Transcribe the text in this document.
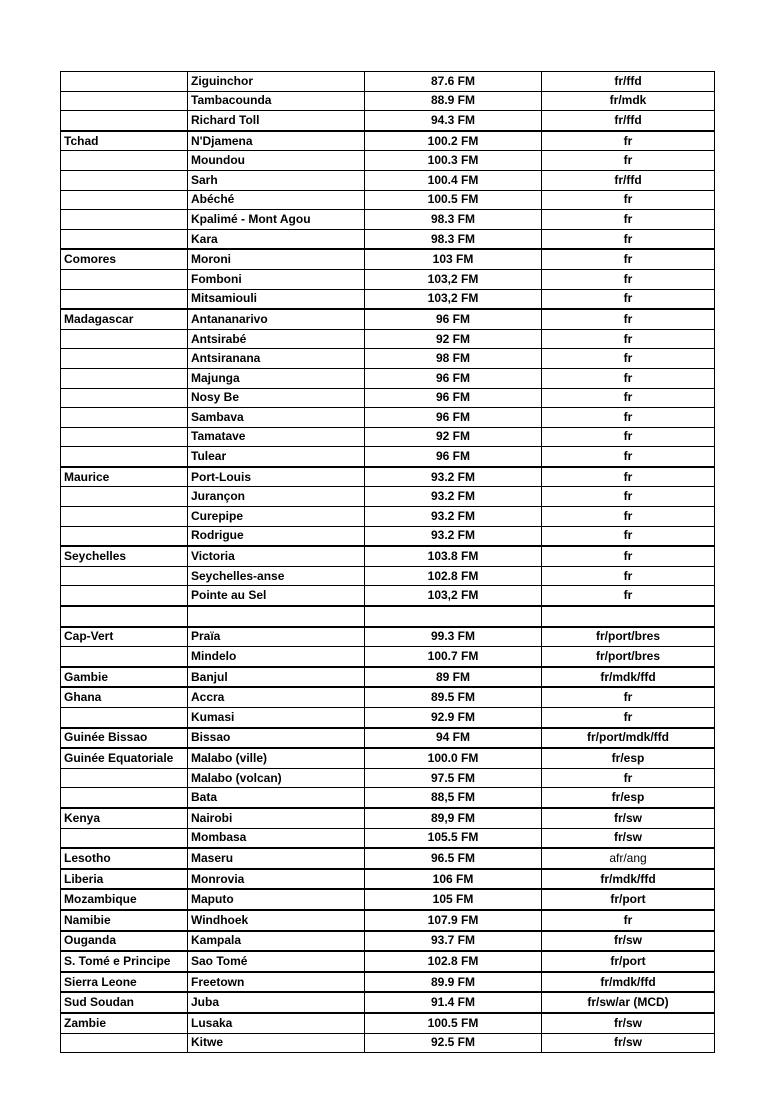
	Ziguinchor	87.6 FM	fr/ffd
	Tambacounda	88.9 FM	fr/mdk
	Richard Toll	94.3 FM	fr/ffd
Tchad	N'Djamena	100.2 FM	fr
	Moundou	100.3 FM	fr
	Sarh	100.4 FM	fr/ffd
	Abéché	100.5 FM	fr
	Kpalimé - Mont Agou	98.3 FM	fr
	Kara	98.3 FM	fr
Comores	Moroni	103 FM	fr
	Fomboni	103,2 FM	fr
	Mitsamiouli	103,2 FM	fr
Madagascar	Antananarivo	96 FM	fr
	Antsirabé	92 FM	fr
	Antsiranana	98 FM	fr
	Majunga	96 FM	fr
	Nosy Be	96 FM	fr
	Sambava	96 FM	fr
	Tamatave	92 FM	fr
	Tulear	96 FM	fr
Maurice	Port-Louis	93.2 FM	fr
	Jurançon	93.2 FM	fr
	Curepipe	93.2 FM	fr
	Rodrigue	93.2 FM	fr
Seychelles	Victoria	103.8 FM	fr
	Seychelles-anse	102.8 FM	fr
	Pointe au Sel	103,2 FM	fr

Cap-Vert	Praïa	99.3 FM	fr/port/bres
	Mindelo	100.7 FM	fr/port/bres
Gambie	Banjul	89 FM	fr/mdk/ffd
Ghana	Accra	89.5 FM	fr
	Kumasi	92.9 FM	fr
Guinée Bissao	Bissao	94 FM	fr/port/mdk/ffd
Guinée Equatoriale	Malabo (ville)	100.0 FM	fr/esp
	Malabo (volcan)	97.5 FM	fr
	Bata	88,5 FM	fr/esp
Kenya	Nairobi	89,9 FM	fr/sw
	Mombasa	105.5 FM	fr/sw
Lesotho	Maseru	96.5 FM	afr/ang
Liberia	Monrovia	106 FM	fr/mdk/ffd
Mozambique	Maputo	105 FM	fr/port
Namibie	Windhoek	107.9 FM	fr
Ouganda	Kampala	93.7 FM	fr/sw
S. Tomé e Principe	Sao Tomé	102.8 FM	fr/port
Sierra Leone	Freetown	89.9 FM	fr/mdk/ffd
Sud Soudan	Juba	91.4 FM	fr/sw/ar (MCD)
Zambie	Lusaka	100.5 FM	fr/sw
	Kitwe	92.5 FM	fr/sw
